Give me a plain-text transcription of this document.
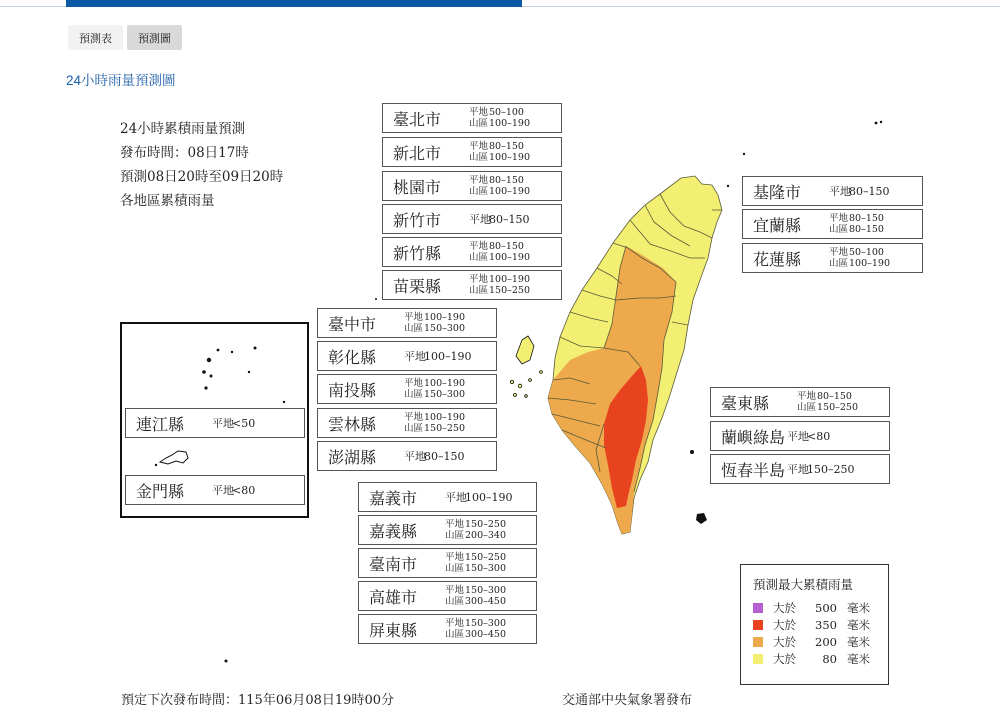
預測表	預測圖
24小時雨量預測圖
24小時累積雨量預測
發布時間：08日17時
預測08日20時至09日20時
各地區累積雨量
臺北市	平地50–100
山區100–190
新北市	平地80–150
山區100–190
桃園市	平地80–150
山區100–190
新竹市	平地80–150
新竹縣	平地80–150
山區100–190
苗栗縣	平地100–190
山區150–250
基隆市	平地80–150
宜蘭縣	平地80–150
山區80–150
花蓮縣	平地50–100
山區100–190
臺中市	平地100–190
山區150–300
彰化縣	平地100–190
南投縣	平地100–190
山區150–300
雲林縣	平地100–190
山區150–250
澎湖縣	平地80–150
嘉義市	平地100–190
嘉義縣	平地150–250
山區200–340
臺南市	平地150–250
山區150–300
高雄市	平地150–300
山區300–450
屏東縣	平地150–300
山區300–450
臺東縣	平地80–150
山區150–250
蘭嶼綠島 平地<80
恆春半島 平地150–250
連江縣	平地<50
金門縣	平地<80
預測最大累積雨量
大於	500 毫米
大於	350 毫米
大於	200 毫米
大於	80 毫米
預定下次發布時間：115年06月08日19時00分	交通部中央氣象署發布
